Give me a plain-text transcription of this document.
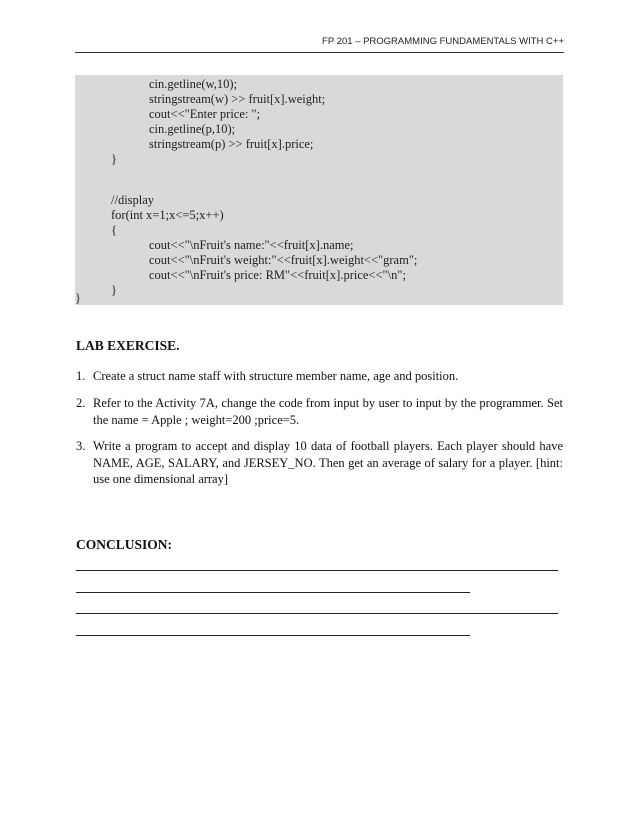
FP 201 – PROGRAMMING FUNDAMENTALS WITH C++
cin.getline(w,10);
stringstream(w) >> fruit[x].weight;
cout<<"Enter price: ";
cin.getline(p,10);
stringstream(p) >> fruit[x].price;
}
//display
for(int x=1;x<=5;x++)
{
cout<<"\nFruit's name:"<<fruit[x].name;
cout<<"\nFruit's weight:"<<fruit[x].weight<<"gram";
cout<<"\nFruit's price: RM"<<fruit[x].price<<"\n";
}
}
LAB EXERCISE.
1. Create a struct name staff with structure member name, age and position.
2. Refer to the Activity 7A, change the code from input by user to input by the programmer. Set the name = Apple ; weight=200 ;price=5.
3. Write a program to accept and display 10 data of football players. Each player should have NAME, AGE, SALARY, and JERSEY_NO. Then get an average of salary for a player. [hint: use one dimensional array]
CONCLUSION:
